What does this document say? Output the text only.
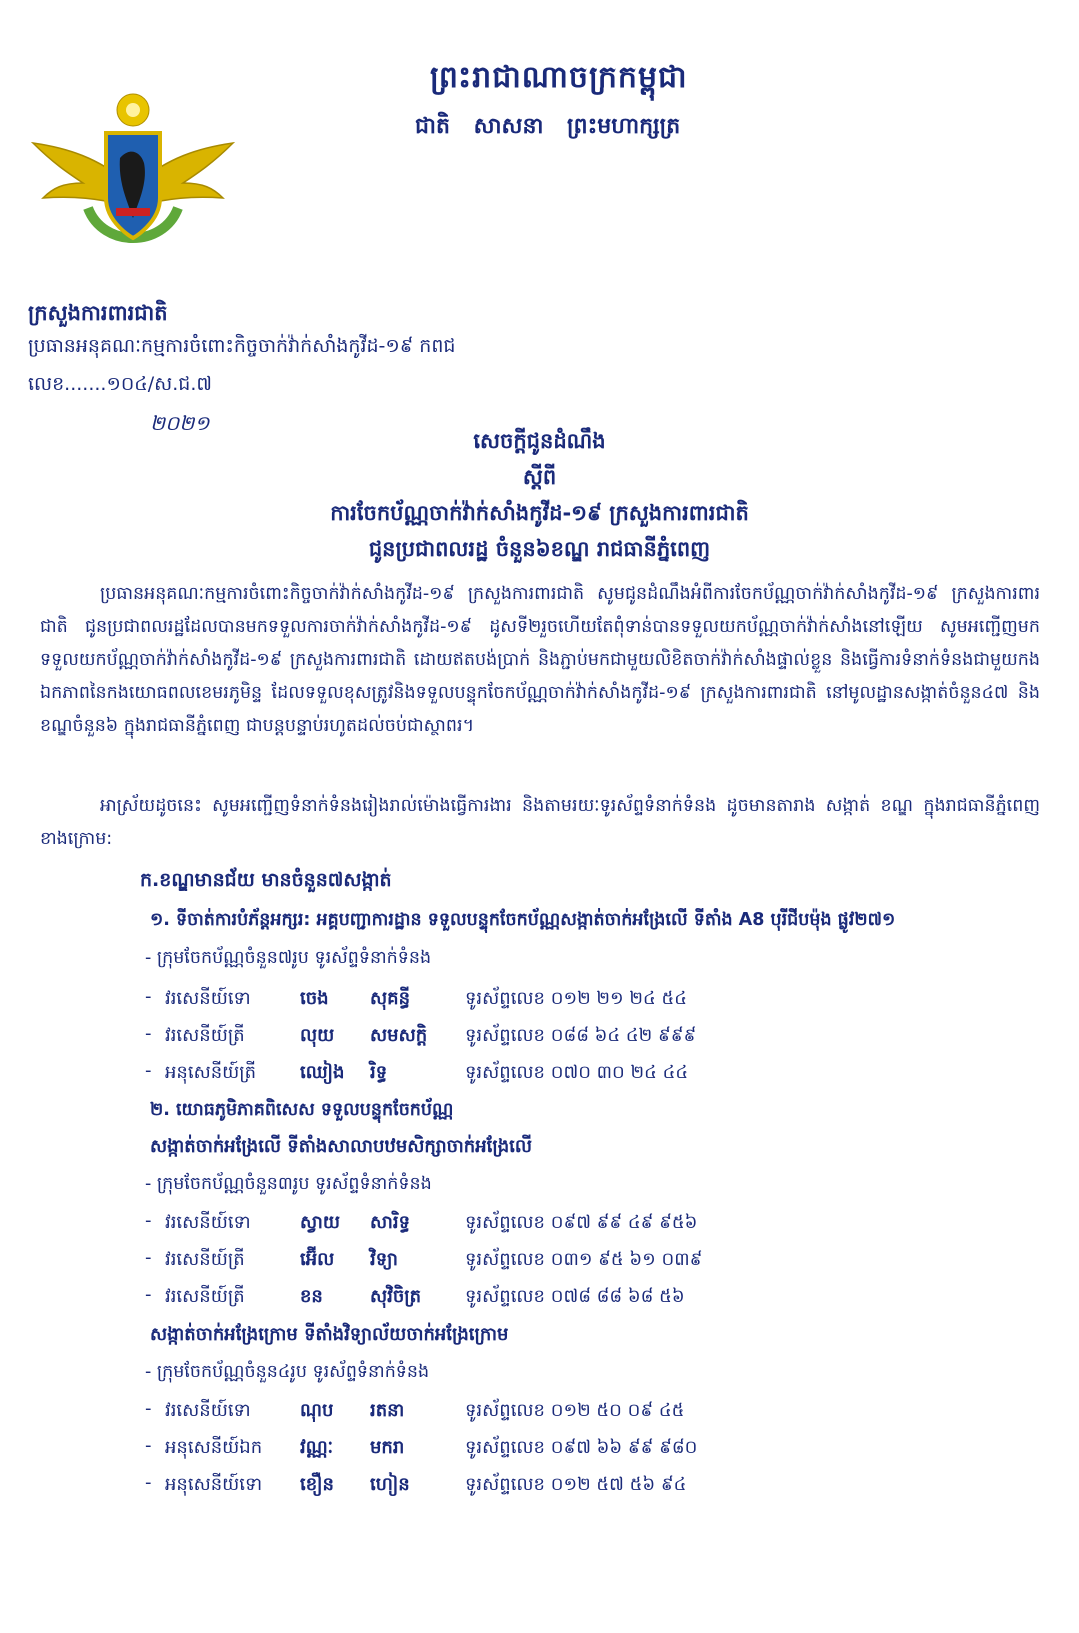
ព្រះរាជាណាចក្រកម្ពុជា
ជាតិ សាសនា ព្រះមហាក្សត្រ
ក្រសួងការពារជាតិ
ប្រធានអនុគណៈកម្មការចំពោះកិច្ចចាក់វ៉ាក់សាំងកូវីដ-១៩ កពជ
លេខ.......១០៤/ស.ជ.៧
២០២១
សេចក្តីជូនដំណឹង
ស្តីពី
ការចែកប័ណ្ណចាក់វ៉ាក់សាំងកូវីដ-១៩ ក្រសួងការពារជាតិ
ជូនប្រជាពលរដ្ឋ ចំនួន៦ខណ្ឌ រាជធានីភ្នំពេញ
ប្រធានអនុគណៈកម្មការចំពោះកិច្ចចាក់វ៉ាក់សាំងកូវីដ-១៩ ក្រសួងការពារជាតិ សូមជូនដំណឹងអំពីការចែកប័ណ្ណចាក់វ៉ាក់សាំងកូវីដ-១៩ ក្រសួងការពារជាតិ ជូនប្រជាពលរដ្ឋដែលបានមកទទួលការចាក់វ៉ាក់សាំងកូវីដ-១៩ ដូសទី២រួចហើយតែពុំទាន់បានទទួលយកប័ណ្ណចាក់វ៉ាក់សាំងនៅឡើយ សូមអញ្ជើញមកទទួលយកប័ណ្ណចាក់វ៉ាក់សាំងកូវីដ-១៩ ក្រសួងការពារជាតិ ដោយឥតបង់ប្រាក់ និងភ្ជាប់មកជាមួយលិខិតចាក់វ៉ាក់សាំងផ្ទាល់ខ្លួន និងធ្វើការទំនាក់ទំនងជាមួយកងឯកភាពនៃកងយោធពលខេមរភូមិន្ទ ដែលទទួលខុសត្រូវនិងទទួលបន្ទុកចែកប័ណ្ណចាក់វ៉ាក់សាំងកូវីដ-១៩ ក្រសួងការពារជាតិ នៅមូលដ្ឋានសង្កាត់ចំនួន៤៧ និងខណ្ឌចំនួន៦ ក្នុងរាជធានីភ្នំពេញ ជាបន្តបន្ទាប់រហូតដល់ចប់ជាស្ថាពរ។
អាស្រ័យដូចនេះ សូមអញ្ជើញទំនាក់ទំនងរៀងរាល់ម៉ោងធ្វើការងារ និងតាមរយៈទូរស័ព្ទទំនាក់ទំនង ដូចមានតារាង សង្កាត់ ខណ្ឌ ក្នុងរាជធានីភ្នំពេញ ខាងក្រោម:
ក.ខណ្ឌមានជ័យ មានចំនួន៧សង្កាត់
១. ទីចាត់ការបំភ័ន្តអក្សរ: អគ្គបញ្ជាការដ្ឋាន ទទួលបន្ទុកចែកប័ណ្ណសង្កាត់ចាក់អង្រែលើ ទីតាំង A8 បុរីជីបម៉ុង ផ្លូវ២៧១
- ក្រុមចែកប័ណ្ណចំនួន៧រូប ទូរស័ព្ទទំនាក់ទំនង
- វរសេនីយ៍ទោ	ចេង សុគន្ធី	ទូរស័ព្ទលេខ ០១២ ២១ ២៤ ៥៤
- វរសេនីយ៍ត្រី	លុយ សមសក្តិ ទូរស័ព្ទលេខ ០៨៨ ៦៤ ៤២ ៩៩៩
- អនុសេនីយ៍ត្រី ឈៀង រិទ្ធ	ទូរស័ព្ទលេខ ០៧០ ៣០ ២៤ ៤៤
២. យោធភូមិភាគពិសេស ទទួលបន្ទុកចែកប័ណ្ណ
សង្កាត់ចាក់អង្រែលើ ទីតាំងសាលាបឋមសិក្សាចាក់អង្រែលើ
- ក្រុមចែកប័ណ្ណចំនួន៣រូប ទូរស័ព្ទទំនាក់ទំនង
- វរសេនីយ៍ទោ	ស្វាយ សារិទ្ធ	ទូរស័ព្ទលេខ ០៩៧ ៩៩ ៤៩ ៩៥៦
- វរសេនីយ៍ត្រី	អ៊ើល វិទ្យា	ទូរស័ព្ទលេខ ០៣១ ៩៥ ៦១ ០៣៩
- វរសេនីយ៍ត្រី	ខន	សុវិចិត្រ ទូរស័ព្ទលេខ ០៧៨ ៨៨ ៦៨ ៥៦
សង្កាត់ចាក់អង្រែក្រោម ទីតាំងវិទ្យាល័យចាក់អង្រែក្រោម
- ក្រុមចែកប័ណ្ណចំនួន៤រូប ទូរស័ព្ទទំនាក់ទំនង
- វរសេនីយ៍ទោ	ណុប រតនា	ទូរស័ព្ទលេខ ០១២ ៥០ ០៩ ៤៥
- អនុសេនីយ៍ឯក វណ្ណៈ មករា	ទូរស័ព្ទលេខ ០៩៧ ៦៦ ៩៩ ៩៨០
- អនុសេនីយ៍ទោ ខឿន ហៀន	ទូរស័ព្ទលេខ ០១២ ៥៧ ៥៦ ៩៤
